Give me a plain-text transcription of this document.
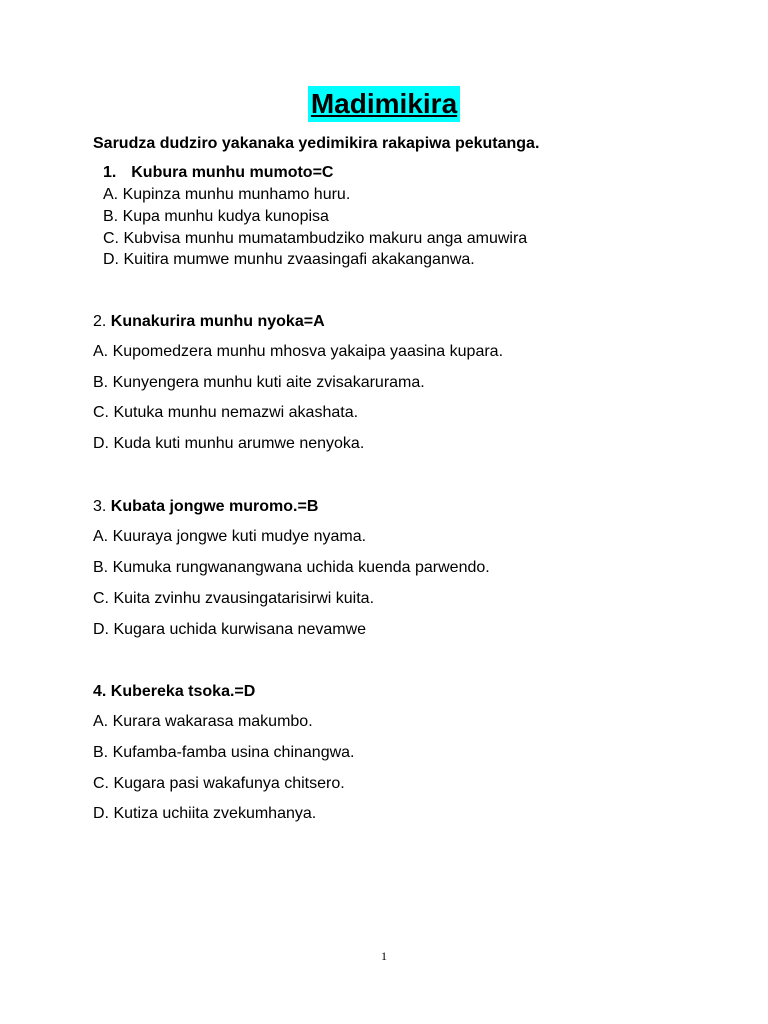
Madimikira
Sarudza dudziro yakanaka yedimikira rakapiwa pekutanga.
1. Kubura munhu mumoto=C
A. Kupinza munhu munhamo huru.
B. Kupa munhu kudya kunopisa
C. Kubvisa munhu mumatambudziko makuru anga amuwira
D. Kuitira mumwe munhu zvaasingafi akakanganwa.
2. Kunakurira munhu nyoka=A
A. Kupomedzera munhu mhosva yakaipa yaasina kupara.
B. Kunyengera munhu kuti aite zvisakarurama.
C. Kutuka munhu nemazwi akashata.
D. Kuda kuti munhu arumwe nenyoka.
3. Kubata jongwe muromo.=B
A. Kuuraya jongwe kuti mudye nyama.
B. Kumuka rungwanangwana uchida kuenda parwendo.
C. Kuita zvinhu zvausingatarisirwi kuita.
D. Kugara uchida kurwisana nevamwe
4. Kubereka tsoka.=D
A. Kurara wakarasa makumbo.
B. Kufamba-famba usina chinangwa.
C. Kugara pasi wakafunya chitsero.
D. Kutiza uchiita zvekumhanya.
1
